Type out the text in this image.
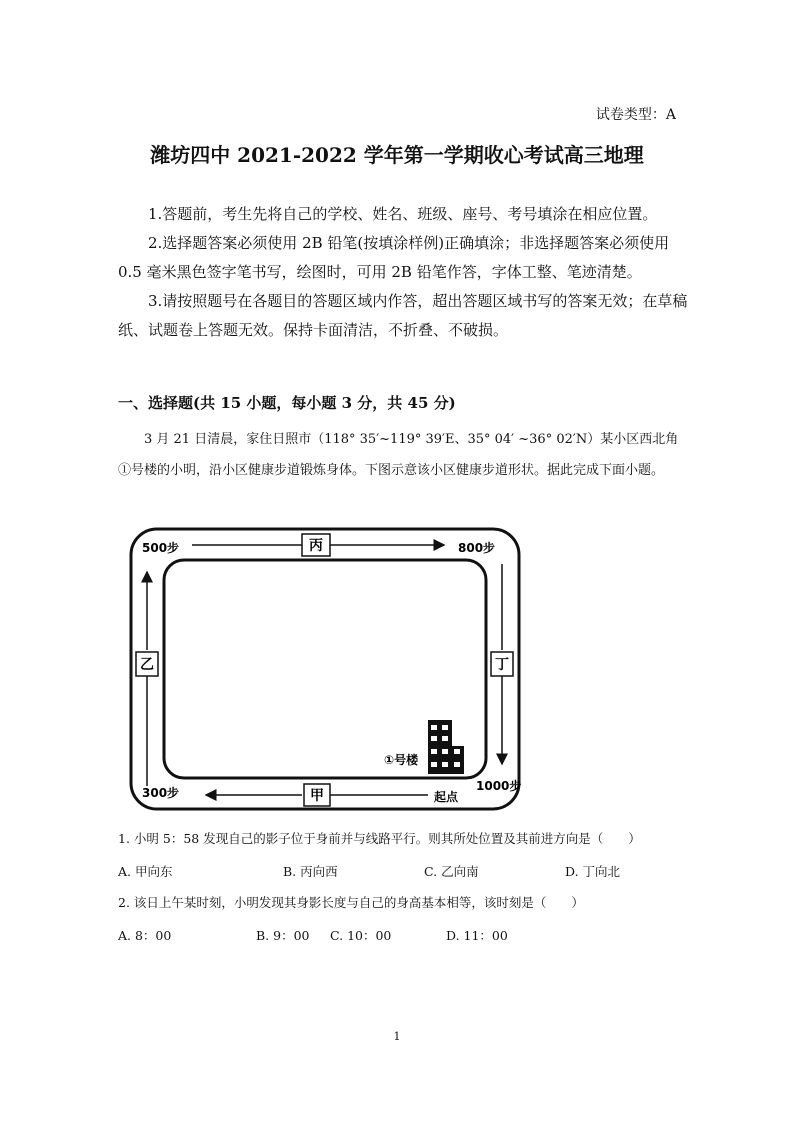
试卷类型：A
潍坊四中 2021-2022 学年第一学期收心考试高三地理

1.答题前，考生先将自己的学校、姓名、班级、座号、考号填涂在相应位置。

2.选择题答案必须使用 2B 铅笔(按填涂样例)正确填涂；非选择题答案必须使用 0.5 毫米黑色签字笔书写，绘图时，可用 2B 铅笔作答，字体工整、笔迹清楚。

3.请按照题号在各题目的答题区域内作答，超出答题区域书写的答案无效；在草稿纸、试题卷上答题无效。保持卡面清洁，不折叠、不破损。

一、选择题(共 15 小题，每小题 3 分，共 45 分)

3 月 21 日清晨，家住日照市（118° 35′~119° 39′E、35° 04′ ~36° 02′N）某小区西北角①号楼的小明，沿小区健康步道锻炼身体。下图示意该小区健康步道形状。据此完成下面小题。

丙
乙	丁
甲
500步	800步
300步	1000步
起点
①号楼
1. 小明 5：58 发现自己的影子位于身前并与线路平行。则其所处位置及其前进方向是（　　）
A. 甲向东	B. 丙向西	C. 乙向南	D. 丁向北
2. 该日上午某时刻，小明发现其身影长度与自己的身高基本相等，该时刻是（　　）
A. 8：00	B. 9：00 C. 10：00	D. 11：00
1
